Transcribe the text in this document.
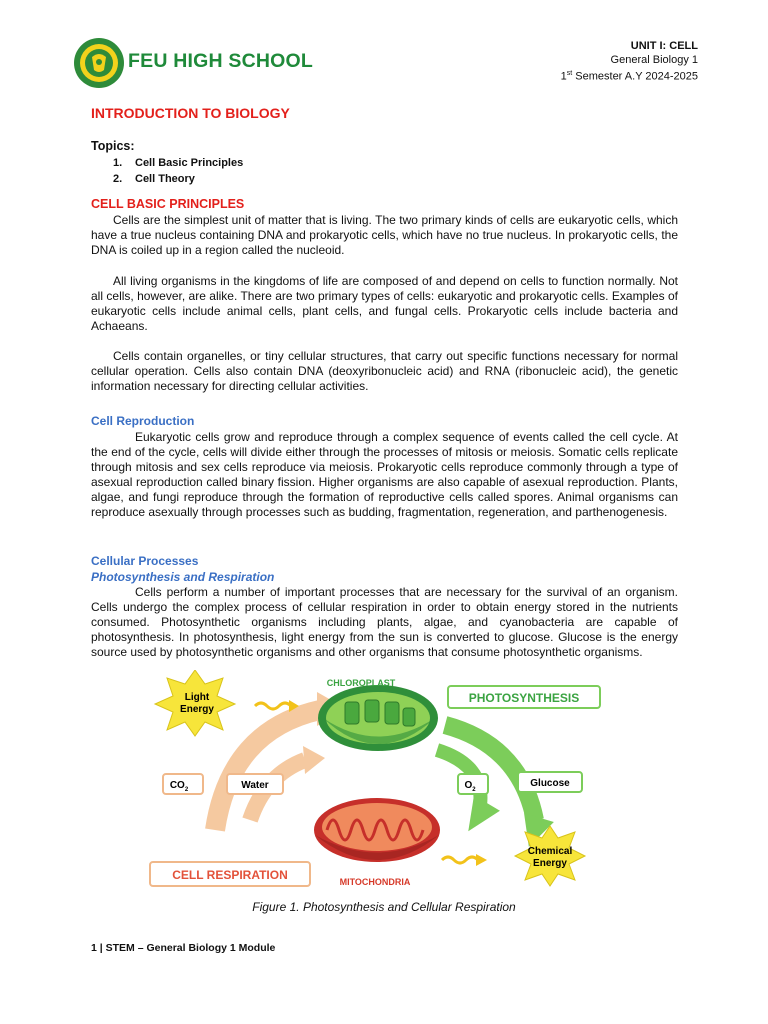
FEU HIGH SCHOOL
UNIT I: CELL
General Biology 1
1st Semester A.Y 2024-2025
INTRODUCTION TO BIOLOGY
Topics:
1. Cell Basic Principles
2. Cell Theory
CELL BASIC PRINCIPLES

Cells are the simplest unit of matter that is living. The two primary kinds of cells are eukaryotic cells, which have a true nucleus containing DNA and prokaryotic cells, which have no true nucleus. In prokaryotic cells, the DNA is coiled up in a region called the nucleoid.

All living organisms in the kingdoms of life are composed of and depend on cells to function normally. Not all cells, however, are alike. There are two primary types of cells: eukaryotic and prokaryotic cells. Examples of eukaryotic cells include animal cells, plant cells, and fungal cells. Prokaryotic cells include bacteria and Achaeans.

Cells contain organelles, or tiny cellular structures, that carry out specific functions necessary for normal cellular operation. Cells also contain DNA (deoxyribonucleic acid) and RNA (ribonucleic acid), the genetic information necessary for directing cellular activities.

Cell Reproduction

Eukaryotic cells grow and reproduce through a complex sequence of events called the cell cycle. At the end of the cycle, cells will divide either through the processes of mitosis or meiosis. Somatic cells replicate through mitosis and sex cells reproduce via meiosis. Prokaryotic cells reproduce commonly through a type of asexual reproduction called binary fission. Higher organisms are also capable of asexual reproduction. Plants, algae, and fungi reproduce through the formation of reproductive cells called spores. Animal organisms can reproduce asexually through processes such as budding, fragmentation, regeneration, and parthenogenesis.

Cellular Processes
Photosynthesis and Respiration

Cells perform a number of important processes that are necessary for the survival of an organism. Cells undergo the complex process of cellular respiration in order to obtain energy stored in the nutrients consumed. Photosynthetic organisms including plants, algae, and cyanobacteria are capable of photosynthesis. In photosynthesis, light energy from the sun is converted to glucose. Glucose is the energy source used by photosynthetic organisms and other organisms that consume photosynthetic organisms.

Light
Energy
CHLOROPLAST
PHOTOSYNTHESIS
$CO_2$	Water	$O_2$
Glucose
CELL RESPIRATION	MITOCHONDRIA
Chemical
Energy
Figure 1. Photosynthesis and Cellular Respiration
1 | STEM – General Biology 1 Module
